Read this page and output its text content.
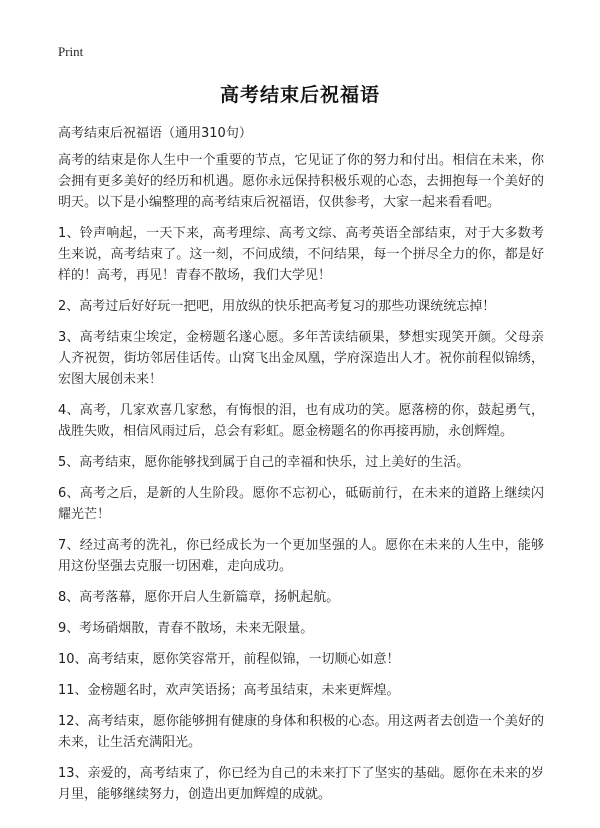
Print
高考结束后祝福语
高考结束后祝福语（通用310句）

高考的结束是你人生中一个重要的节点，它见证了你的努力和付出。相信在未来，你会拥有更多美好的经历和机遇。愿你永远保持积极乐观的心态，去拥抱每一个美好的明天。以下是小编整理的高考结束后祝福语，仅供参考，大家一起来看看吧。

1、铃声响起，一天下来，高考理综、高考文综、高考英语全部结束，对于大多数考生来说，高考结束了。这一刻，不问成绩，不问结果，每一个拼尽全力的你，都是好样的！高考，再见！青春不散场，我们大学见！

2、高考过后好好玩一把吧，用放纵的快乐把高考复习的那些功课统统忘掉！

3、高考结束尘埃定，金榜题名遂心愿。多年苦读结硕果，梦想实现笑开颜。父母亲人齐祝贺，街坊邻居佳话传。山窝飞出金凤凰，学府深造出人才。祝你前程似锦绣，宏图大展创未来！

4、高考，几家欢喜几家愁，有悔恨的泪，也有成功的笑。愿落榜的你，鼓起勇气，战胜失败，相信风雨过后，总会有彩虹。愿金榜题名的你再接再励，永创辉煌。

5、高考结束，愿你能够找到属于自己的幸福和快乐，过上美好的生活。

6、高考之后，是新的人生阶段。愿你不忘初心，砥砺前行，在未来的道路上继续闪耀光芒！

7、经过高考的洗礼，你已经成长为一个更加坚强的人。愿你在未来的人生中，能够用这份坚强去克服一切困难，走向成功。

8、高考落幕，愿你开启人生新篇章，扬帆起航。

9、考场硝烟散，青春不散场，未来无限量。

10、高考结束，愿你笑容常开，前程似锦，一切顺心如意！

11、金榜题名时，欢声笑语扬；高考虽结束，未来更辉煌。

12、高考结束，愿你能够拥有健康的身体和积极的心态。用这两者去创造一个美好的未来，让生活充满阳光。

13、亲爱的，高考结束了，你已经为自己的未来打下了坚实的基础。愿你在未来的岁月里，能够继续努力，创造出更加辉煌的成就。
